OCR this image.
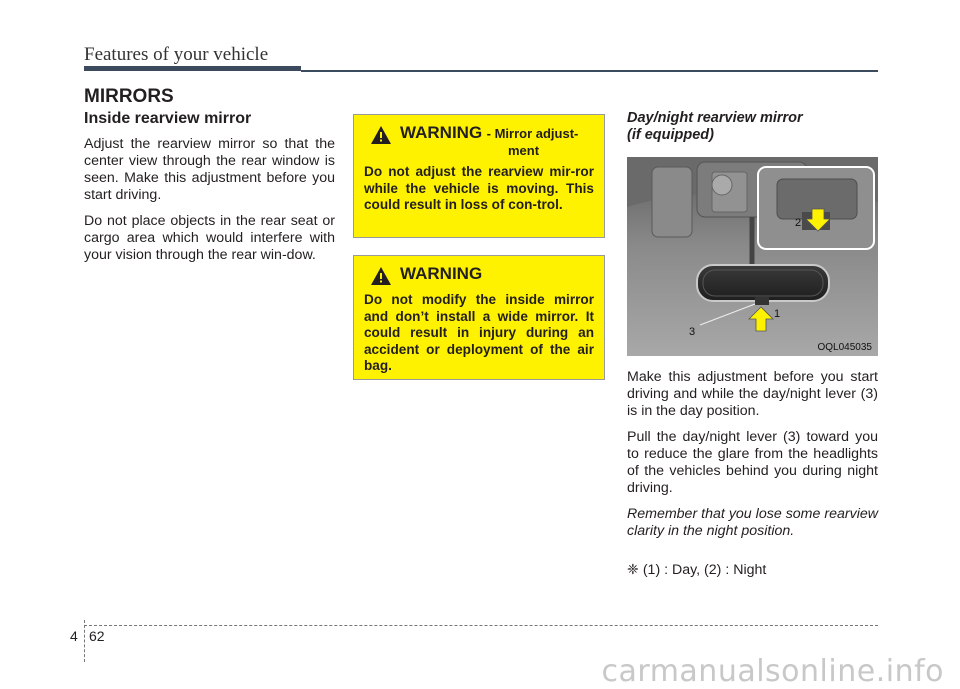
Features of your vehicle
MIRRORS
Inside rearview mirror

Adjust the rearview mirror so that the center view through the rear window is seen. Make this adjustment before you start driving.

Do not place objects in the rear seat or cargo area which would interfere with your vision through the rear win-dow.

WARNING - Mirror adjust-
ment
Do not adjust the rearview mir-ror while the vehicle is moving. This could result in loss of con-trol.
WARNING
Do not modify the inside mirror and don’t install a wide mirror. It could result in injury during an accident or deployment of the air bag.
Day/night rearview mirror
(if equipped)
2
1
3
OQL045035

Make this adjustment before you start driving and while the day/night lever (3) is in the day position.

Pull the day/night lever (3) toward you to reduce the glare from the headlights of the vehicles behind you during night driving.

Remember that you lose some rearview clarity in the night position.

❈ (1) : Day, (2) : Night

4 62
carmanualsonline.info
